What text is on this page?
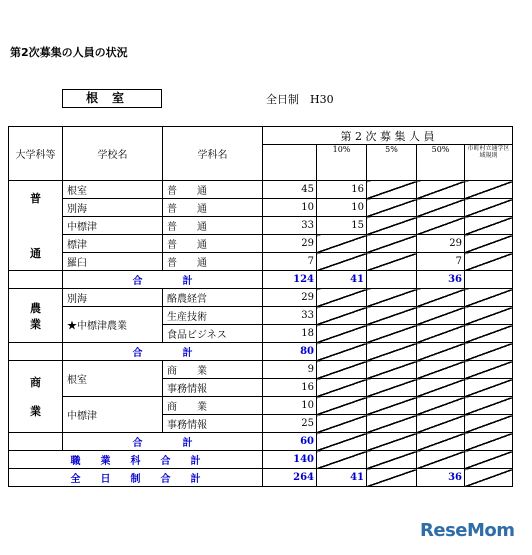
第2次募集の人員の状況
根室	全日制　H30
大学科等	学校名	学科名	第 2 次 募 集 人 員				
				10%	5%	50%	市町村立通学区域規則

普

通	根室	普　　通	45	16			
	別海	普　　通	10	10			
	中標津	普　　通	33	15			
	標津	普　　通	29			29	
	羅臼	普　　通	7			7	
	合　　　　計		124	41		36	

農
業	別海	酪農経営	29				
	★中標津農業	生産技術	33				
		食品ビジネス	18				
	合　　　　計		80				

商

業	根室	商　　業	9				
		事務情報	16				
	中標津	商　　業	10				
		事務情報	25				
	合　　　　計		60				
職　　業　　科　　合　　計			140				
全　　日　　制　　合　　計			264	41		36	
ReseMom
